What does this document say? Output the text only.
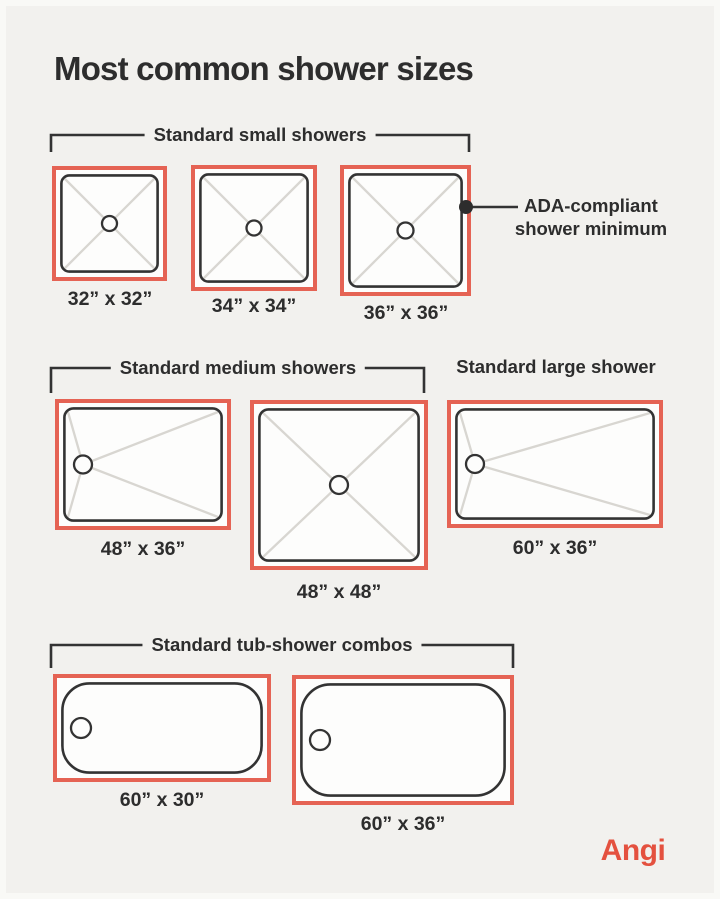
Most common shower sizes
Standard small showers
Standard medium showers	Standard large shower
Standard tub-shower combos
32” x 32”	34” x 34”	36” x 36”
48” x 36”
48” x 48”
60” x 36”
60” x 30”
60” x 36”
ADA-compliant
shower minimum
Angi
